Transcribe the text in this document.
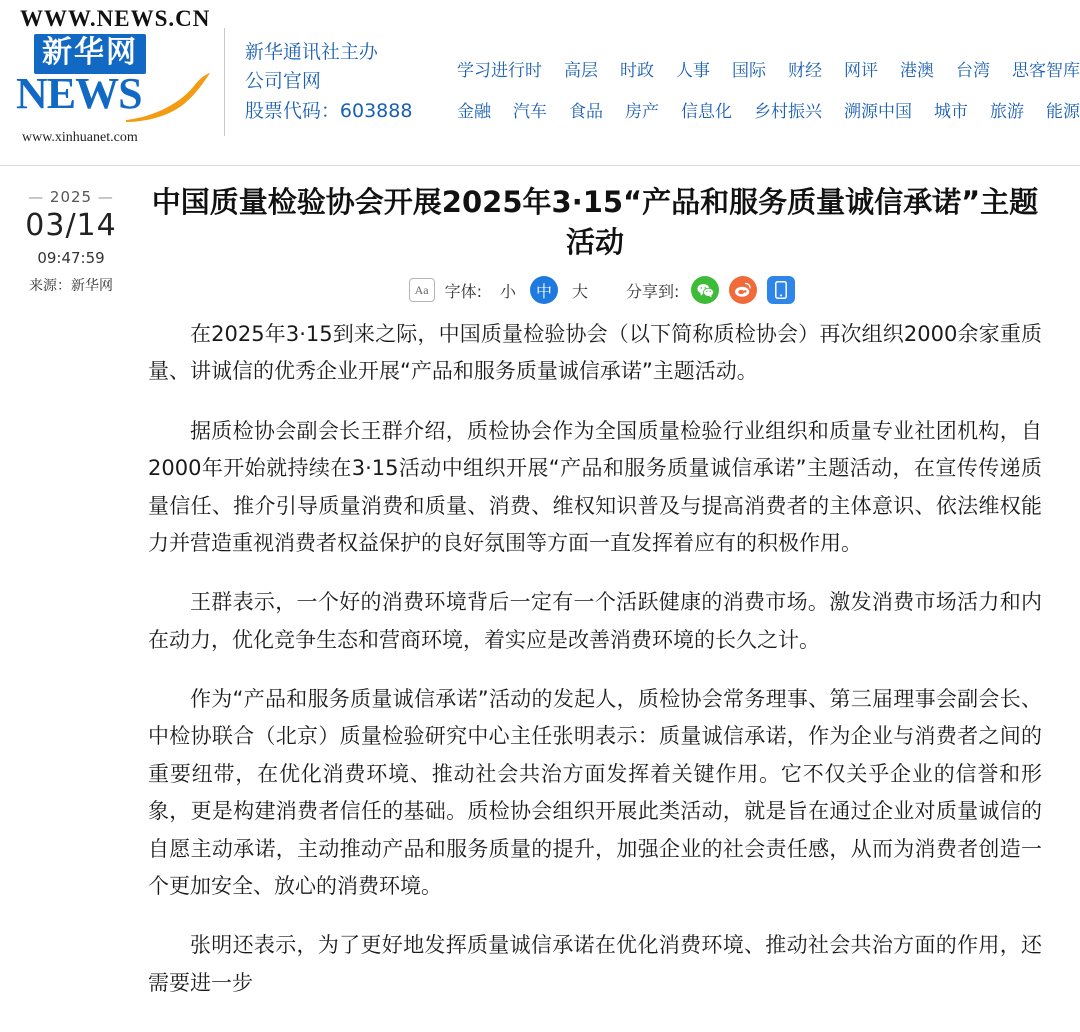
WWW.NEWS.CN
新华网
NEWS
www.xinhuanet.com
新华通讯社主办
公司官网
股票代码：603888
学习进行时 高层 时政 人事 国际 财经 网评 港澳 台湾 思客智库
金融 汽车 食品 房产 信息化 乡村振兴 溯源中国 城市 旅游 能源
— 2025 —
03/14
09:47:59
来源：新华网
中国质量检验协会开展2025年3·15“产品和服务质量诚信承诺”主题活动
Aa	字体: 小	中	大 分享到:

在2025年3·15到来之际，中国质量检验协会（以下简称质检协会）再次组织2000余家重质量、讲诚信的优秀企业开展“产品和服务质量诚信承诺”主题活动。

据质检协会副会长王群介绍，质检协会作为全国质量检验行业组织和质量专业社团机构，自2000年开始就持续在3·15活动中组织开展“产品和服务质量诚信承诺”主题活动，在宣传传递质量信任、推介引导质量消费和质量、消费、维权知识普及与提高消费者的主体意识、依法维权能力并营造重视消费者权益保护的良好氛围等方面一直发挥着应有的积极作用。

王群表示，一个好的消费环境背后一定有一个活跃健康的消费市场。激发消费市场活力和内在动力，优化竞争生态和营商环境，着实应是改善消费环境的长久之计。

作为“产品和服务质量诚信承诺”活动的发起人，质检协会常务理事、第三届理事会副会长、中检协联合（北京）质量检验研究中心主任张明表示：质量诚信承诺，作为企业与消费者之间的重要纽带，在优化消费环境、推动社会共治方面发挥着关键作用。它不仅关乎企业的信誉和形象，更是构建消费者信任的基础。质检协会组织开展此类活动，就是旨在通过企业对质量诚信的自愿主动承诺，主动推动产品和服务质量的提升，加强企业的社会责任感，从而为消费者创造一个更加安全、放心的消费环境。

张明还表示，为了更好地发挥质量诚信承诺在优化消费环境、推动社会共治方面的作用，还需要进一步
